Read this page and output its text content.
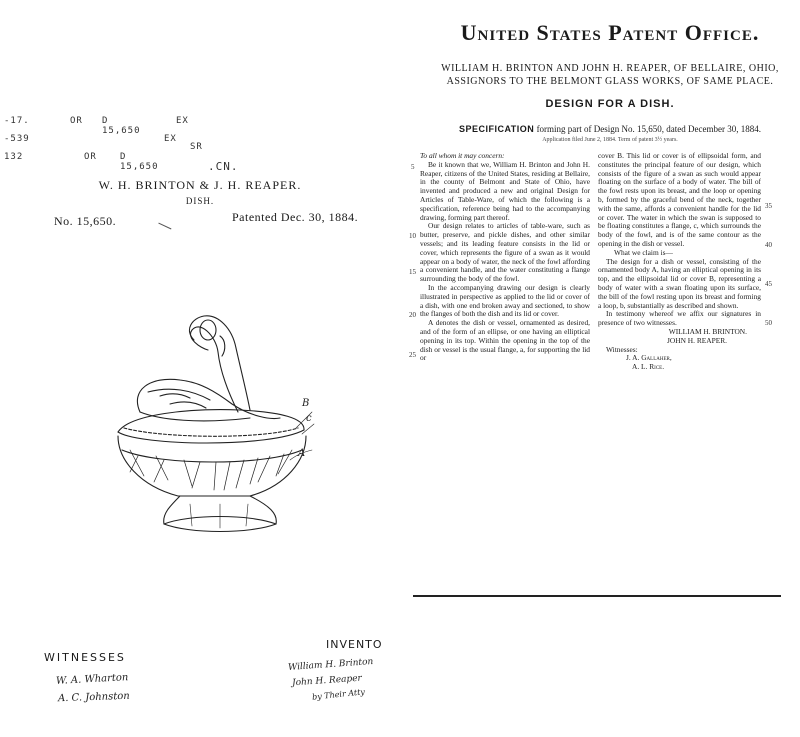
-17.	OR D 15,650
EX
-539	EX
132	OR	D 15,650
SR
.CN.
W. H. BRINTON & J. H. REAPER.
DISH.
No. 15,650.	Patented Dec. 30, 1884.
B
c
A
WITNESSES
W. A. Wharton
A. C. Johnston
INVENTO
William H. Brinton
John H. Reaper
by Their Atty
United States Patent Office.
WILLIAM H. BRINTON AND JOHN H. REAPER, OF BELLAIRE, OHIO,
ASSIGNORS TO THE BELMONT GLASS WORKS, OF SAME PLACE.
DESIGN FOR A DISH.
SPECIFICATION forming part of Design No. 15,650, dated December 30, 1884.
Application filed June 2, 1884. Term of patent 3½ years.

To all whom it may concern:

Be it known that we, William H. Brinton and John H. Reaper, citizens of the United States, residing at Bellaire, in the county of Belmont and State of Ohio, have invented and produced a new and original Design for Articles of Table-Ware, of which the following is a specification, reference being had to the accompanying drawing, forming part thereof.

Our design relates to articles of table-ware, such as butter, preserve, and pickle dishes, and other similar vessels; and its leading feature consists in the lid or cover, which represents the figure of a swan as it would appear on a body of water, the neck of the fowl affording a convenient handle, and the water constituting a flange surrounding the body of the fowl.

In the accompanying drawing our design is clearly illustrated in perspective as applied to the lid or cover of a dish, with one end broken away and sectioned, to show the flanges of both the dish and its lid or cover.

A denotes the dish or vessel, ornamented as desired, and of the form of an ellipse, or one having an elliptical opening in its top. Within the opening in the top of the dish or vessel is the usual flange, a, for supporting the lid or

5
10
15
20
25
35
40
45
50

cover B. This lid or cover is of ellipsoidal form, and constitutes the principal feature of our design, which consists of the figure of a swan as such would appear floating on the surface of a body of water. The bill of the fowl rests upon its breast, and the loop or opening b, formed by the graceful bend of the neck, together with the same, affords a convenient handle for the lid or cover. The water in which the swan is supposed to be floating constitutes a flange, c, which surrounds the body of the fowl, and is of the same contour as the opening in the dish or vessel.

What we claim is—

The design for a dish or vessel, consisting of the ornamented body A, having an elliptical opening in its top, and the ellipsoidal lid or cover B, representing a body of water with a swan floating upon its surface, the bill of the fowl resting upon its breast and forming a loop, b, substantially as described and shown.

In testimony whereof we affix our signatures in presence of two witnesses.

WILLIAM H. BRINTON.
JOHN H. REAPER.
Witnesses:
J. A. Gallaher,
A. L. Rice.
